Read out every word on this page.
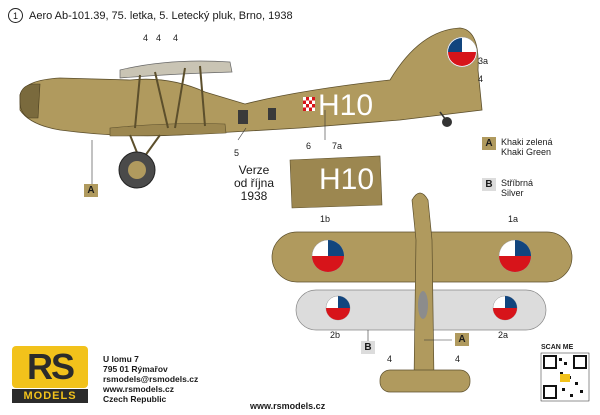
1	Aero Ab-101.39, 75. letka, 5. Letecký pluk, Brno, 1938
H10
4 4 4
4
3a
5
6 7a
Verze
od října
1938 H10
A
A Khaki zelená
Khaki Green
B Stříbrná
Silver
1b	1a
2b	2a
4	4
B
A
RS
MODELS
U lomu 7
795 01 Rýmařov
rsmodels@rsmodels.cz
www.rsmodels.cz
Czech Republic
www.rsmodels.cz
SCAN ME
